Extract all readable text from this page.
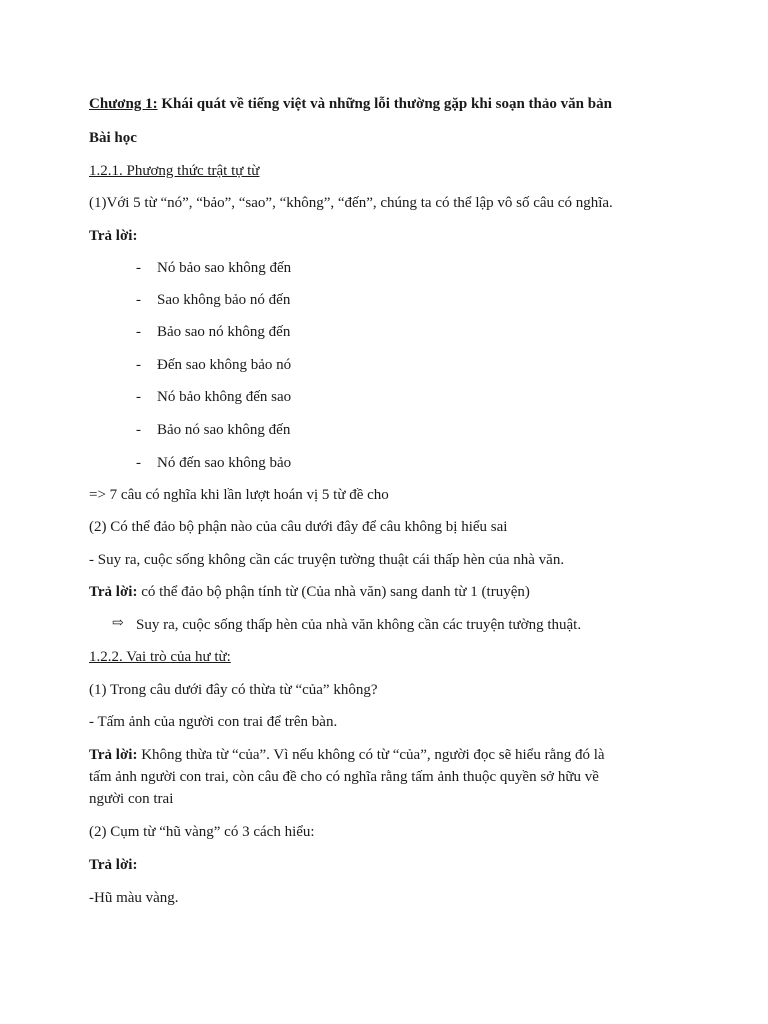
Chương 1: Khái quát về tiếng việt và những lỗi thường gặp khi soạn thảo văn bản
Bài học
1.2.1. Phương thức trật tự từ
(1)Với 5 từ “nó”, “bảo”, “sao”, “không”, “đến”, chúng ta có thể lập vô số câu có nghĩa.
Trả lời:
- Nó bảo sao không đến
- Sao không bảo nó đến
- Bảo sao nó không đến
- Đến sao không bảo nó
- Nó bảo không đến sao
- Bảo nó sao không đến
- Nó đến sao không bảo
=> 7 câu có nghĩa khi lần lượt hoán vị 5 từ đề cho
(2) Có thể đảo bộ phận nào của câu dưới đây để câu không bị hiểu sai
- Suy ra, cuộc sống không cần các truyện tường thuật cái thấp hèn của nhà văn.
Trả lời: có thể đảo bộ phận tính từ (Của nhà văn) sang danh từ 1 (truyện)
⇨ Suy ra, cuộc sống thấp hèn của nhà văn không cần các truyện tường thuật.
1.2.2. Vai trò của hư từ:
(1) Trong câu dưới đây có thừa từ “của” không?
- Tấm ảnh của người con trai để trên bàn.
Trả lời: Không thừa từ “của”. Vì nếu không có từ “của”, người đọc sẽ hiểu rằng đó là
tấm ảnh người con trai, còn câu đề cho có nghĩa rằng tấm ảnh thuộc quyền sở hữu về
người con trai
(2) Cụm từ “hũ vàng” có 3 cách hiểu:
Trả lời:
-Hũ màu vàng.
